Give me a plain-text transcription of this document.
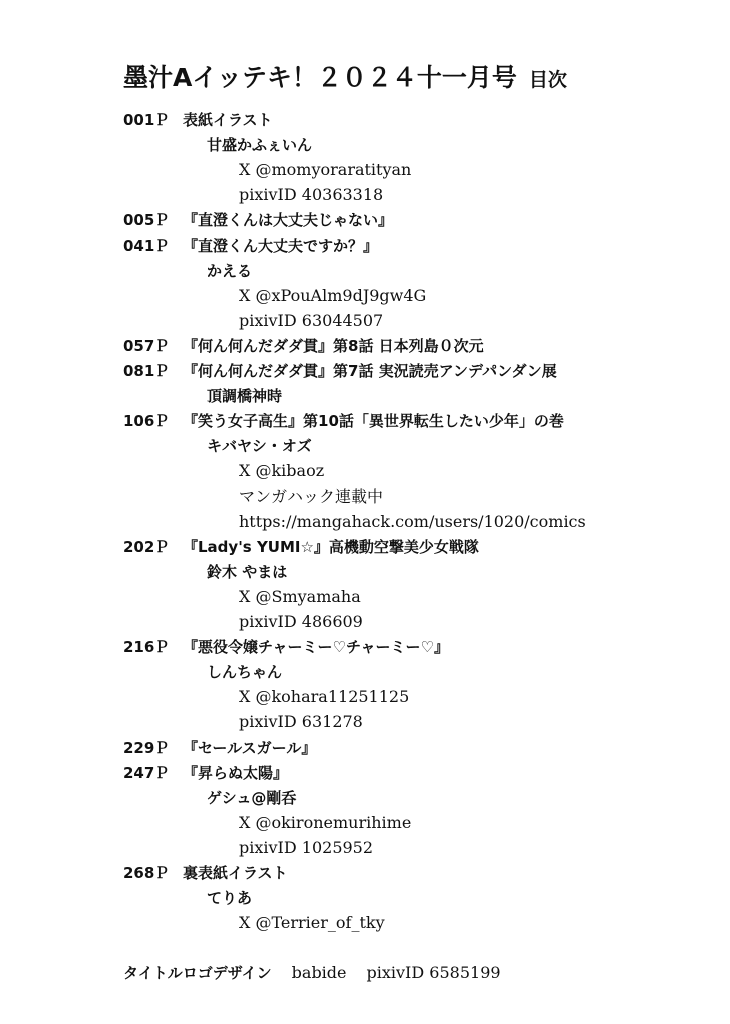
墨汁Aイッテキ！２０２４十一月号 目次
001Ｐ 表紙イラスト
甘盛かふぇいん
X @momyoraratityan
pixivID 40363318
005Ｐ 『直澄くんは大丈夫じゃない』
041Ｐ 『直澄くん大丈夫ですか？』
かえる
X @xPouAlm9dJ9gw4G
pixivID 63044507
057Ｐ 『何ん何んだダダ貫』第8話 日本列島０次元
081Ｐ 『何ん何んだダダ貫』第7話 実況読売アンデパンダン展
頂調橋神時
106Ｐ 『笑う女子高生』第10話「異世界転生したい少年」の巻
キバヤシ・オズ
X @kibaoz
マンガハック連載中
https://mangahack.com/users/1020/comics
202Ｐ 『Lady's YUMI☆』高機動空撃美少女戦隊
鈴木 やまは
X @Smyamaha
pixivID 486609
216Ｐ 『悪役令嬢チャーミー♡チャーミー♡』
しんちゃん
X @kohara11251125
pixivID 631278
229Ｐ 『セールスガール』
247Ｐ 『昇らぬ太陽』
ゲシュ@剛呑
X @okironemurihime
pixivID 1025952
268Ｐ 裏表紙イラスト
てりあ
X @Terrier_of_tky
タイトルロゴデザイン babide pixivID 6585199
